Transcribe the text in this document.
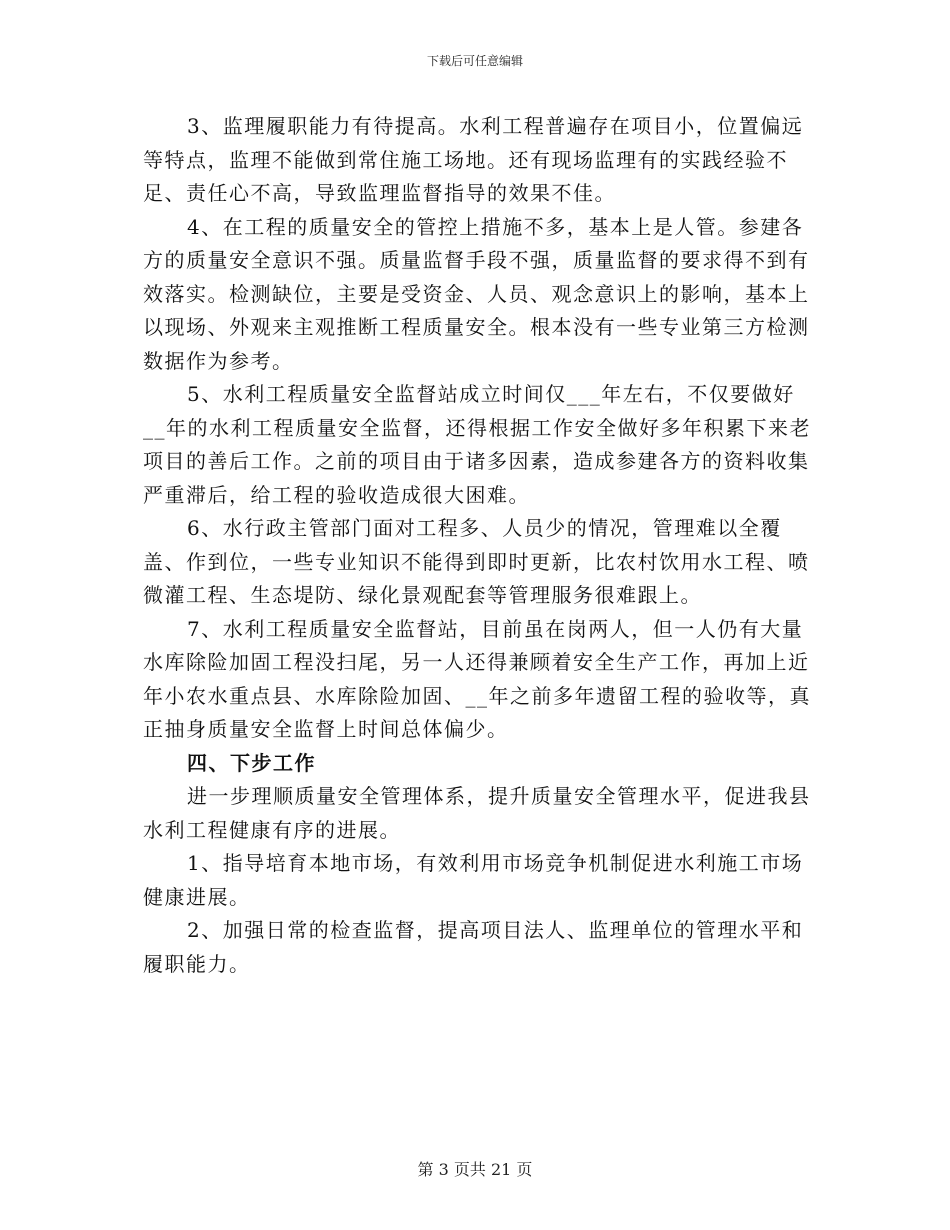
下载后可任意编辑

3、监理履职能力有待提高。水利工程普遍存在项目小，位置偏远等特点，监理不能做到常住施工场地。还有现场监理有的实践经验不足、责任心不高，导致监理监督指导的效果不佳。

4、在工程的质量安全的管控上措施不多，基本上是人管。参建各方的质量安全意识不强。质量监督手段不强，质量监督的要求得不到有效落实。检测缺位，主要是受资金、人员、观念意识上的影响，基本上以现场、外观来主观推断工程质量安全。根本没有一些专业第三方检测数据作为参考。

5、水利工程质量安全监督站成立时间仅___年左右，不仅要做好__年的水利工程质量安全监督，还得根据工作安全做好多年积累下来老项目的善后工作。之前的项目由于诸多因素，造成参建各方的资料收集严重滞后，给工程的验收造成很大困难。

6、水行政主管部门面对工程多、人员少的情况，管理难以全覆盖、作到位，一些专业知识不能得到即时更新，比农村饮用水工程、喷微灌工程、生态堤防、绿化景观配套等管理服务很难跟上。

7、水利工程质量安全监督站，目前虽在岗两人，但一人仍有大量水库除险加固工程没扫尾，另一人还得兼顾着安全生产工作，再加上近年小农水重点县、水库除险加固、__年之前多年遗留工程的验收等，真正抽身质量安全监督上时间总体偏少。

四、下步工作

进一步理顺质量安全管理体系，提升质量安全管理水平，促进我县水利工程健康有序的进展。

1、指导培育本地市场，有效利用市场竞争机制促进水利施工市场健康进展。

2、加强日常的检查监督，提高项目法人、监理单位的管理水平和履职能力。

第 3 页共 21 页
